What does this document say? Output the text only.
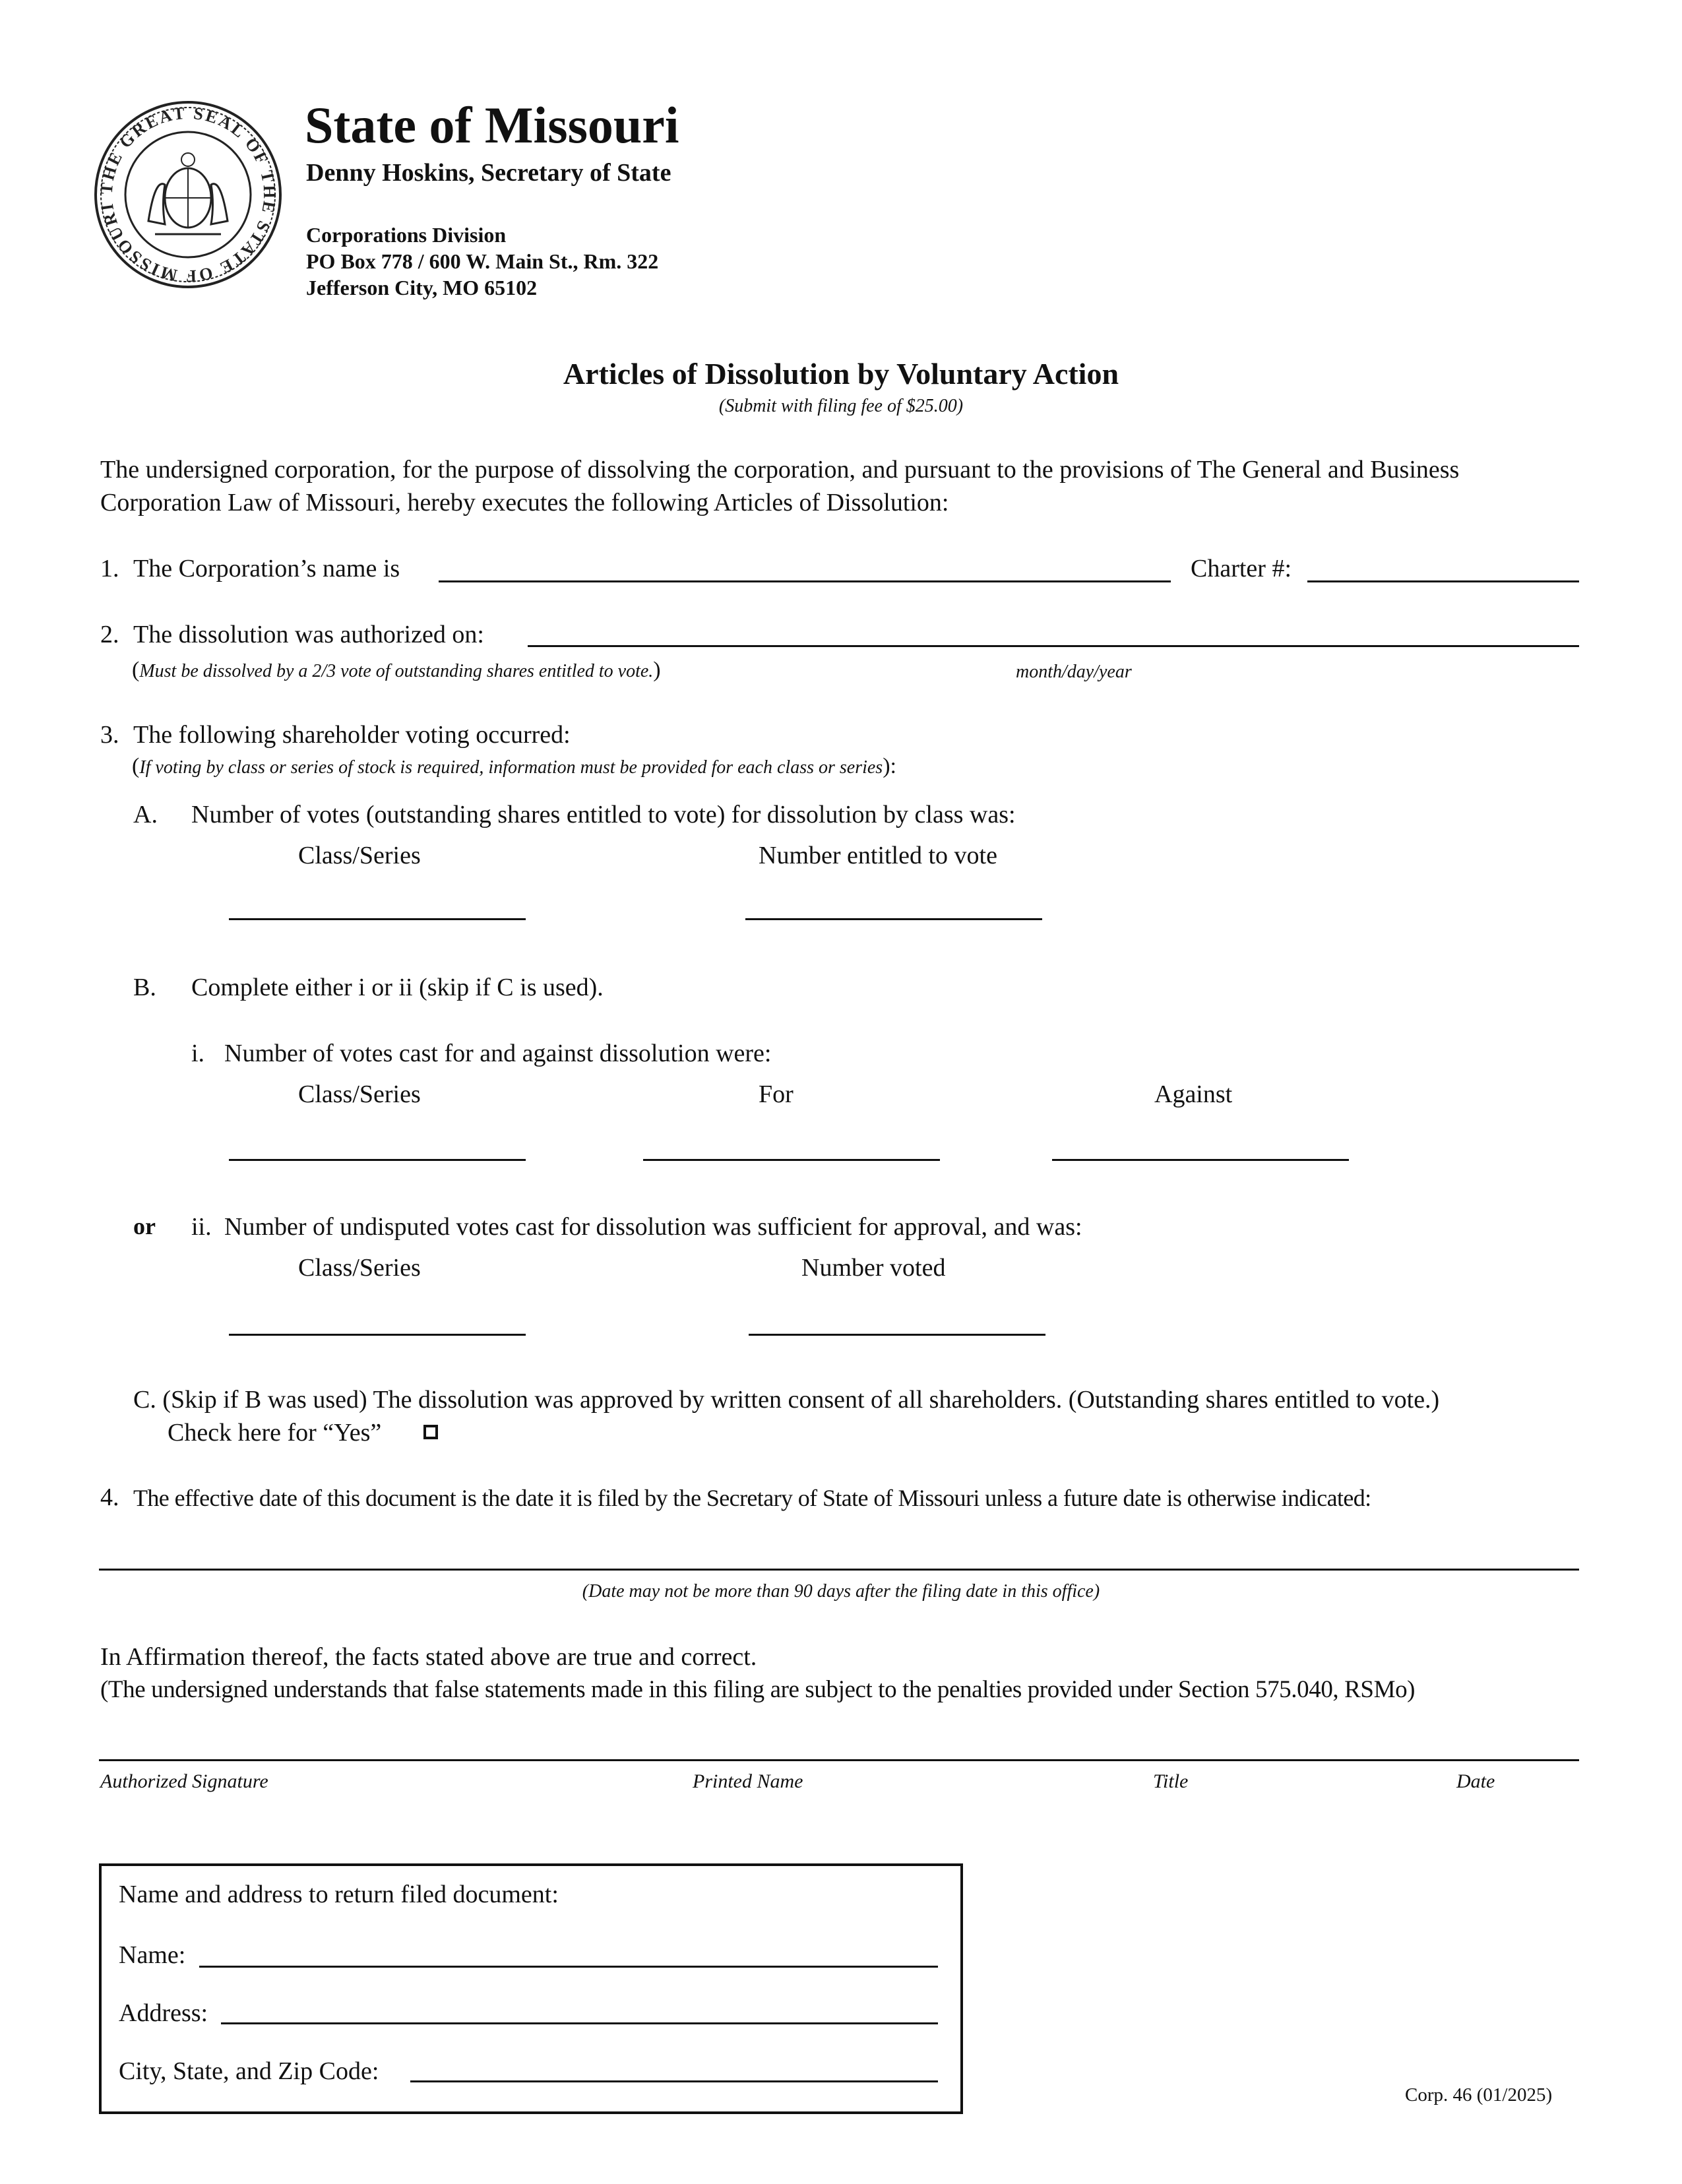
THE GREAT SEAL OF THE STATE OF MISSOURI
State of Missouri
Denny Hoskins, Secretary of State
Corporations Division
PO Box 778 / 600 W. Main St., Rm. 322
Jefferson City, MO 65102
Articles of Dissolution by Voluntary Action
(Submit with filing fee of $25.00)
The undersigned corporation, for the purpose of dissolving the corporation, and pursuant to the provisions of The General and Business
Corporation Law of Missouri, hereby executes the following Articles of Dissolution:
1. The Corporation’s name is	Charter #:
2. The dissolution was authorized on:
(Must be dissolved by a 2/3 vote of outstanding shares entitled to vote.)	month/day/year
3. The following shareholder voting occurred:
(If voting by class or series of stock is required, information must be provided for each class or series):
A. Number of votes (outstanding shares entitled to vote) for dissolution by class was:
Class/Series	Number entitled to vote
B. Complete either i or ii (skip if C is used).
i. Number of votes cast for and against dissolution were:
Class/Series	For	Against
or ii. Number of undisputed votes cast for dissolution was sufficient for approval, and was:
Class/Series	Number voted
C. (Skip if B was used) The dissolution was approved by written consent of all shareholders. (Outstanding shares entitled to vote.)
Check here for “Yes”
4. The effective date of this document is the date it is filed by the Secretary of State of Missouri unless a future date is otherwise indicated:
(Date may not be more than 90 days after the filing date in this office)
In Affirmation thereof, the facts stated above are true and correct.
(The undersigned understands that false statements made in this filing are subject to the penalties provided under Section 575.040, RSMo)
Authorized Signature	Printed Name	Title	Date
Name and address to return filed document:
Name:
Address:
City, State, and Zip Code:
Corp. 46 (01/2025)
